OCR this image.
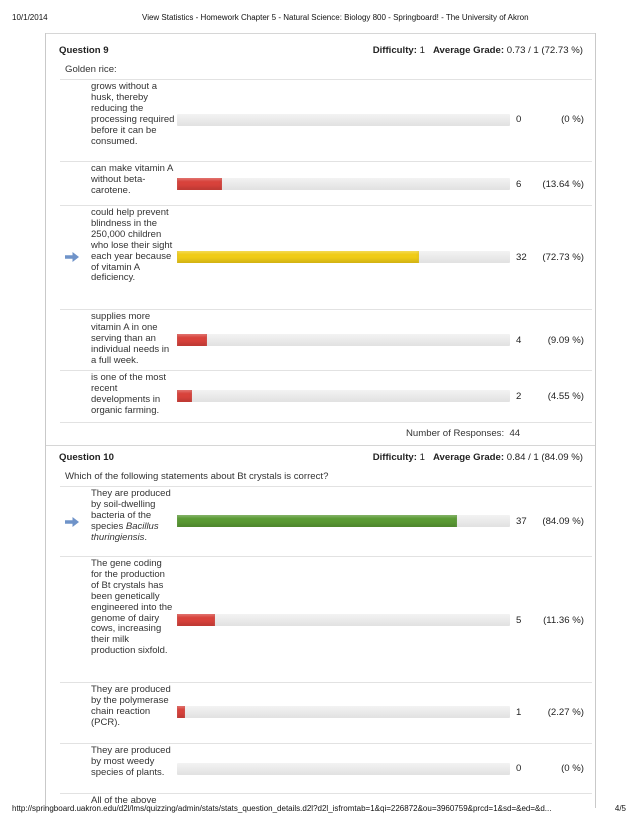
10/1/2014	View Statistics - Homework Chapter 5 - Natural Science: Biology 800 - Springboard! - The University of Akron
Question 9	Difficulty: 1 Average Grade: 0.73 / 1 (72.73 %)
Golden rice:
grows without a husk, thereby reducing the processing required before it can be consumed.
0	(0 %)
can make vitamin A without beta-carotene.
6 (13.64 %)
could help prevent blindness in the 250,000 children who lose their sight each year because of vitamin A deficiency.
32 (72.73 %)
supplies more vitamin A in one serving than an individual needs in a full week.
4	(9.09 %)
is one of the most recent developments in organic farming.
2	(4.55 %)
Number of Responses: 44
Question 10	Difficulty: 1 Average Grade: 0.84 / 1 (84.09 %)
Which of the following statements about Bt crystals is correct?
They are produced by soil-dwelling bacteria of the species Bacillus thuringiensis.
37 (84.09 %)
The gene coding for the production of Bt crystals has been genetically engineered into the genome of dairy cows, increasing their milk production sixfold.
5 (11.36 %)
They are produced by the polymerase chain reaction (PCR).
1	(2.27 %)
They are produced by most weedy species of plants.	0	(0 %)
All of the above
http://springboard.uakron.edu/d2l/lms/quizzing/admin/stats/stats_question_details.d2l?d2l_isfromtab=1&qi=226872&ou=3960759&prcd=1&sd=&ed=&d...	4/5
